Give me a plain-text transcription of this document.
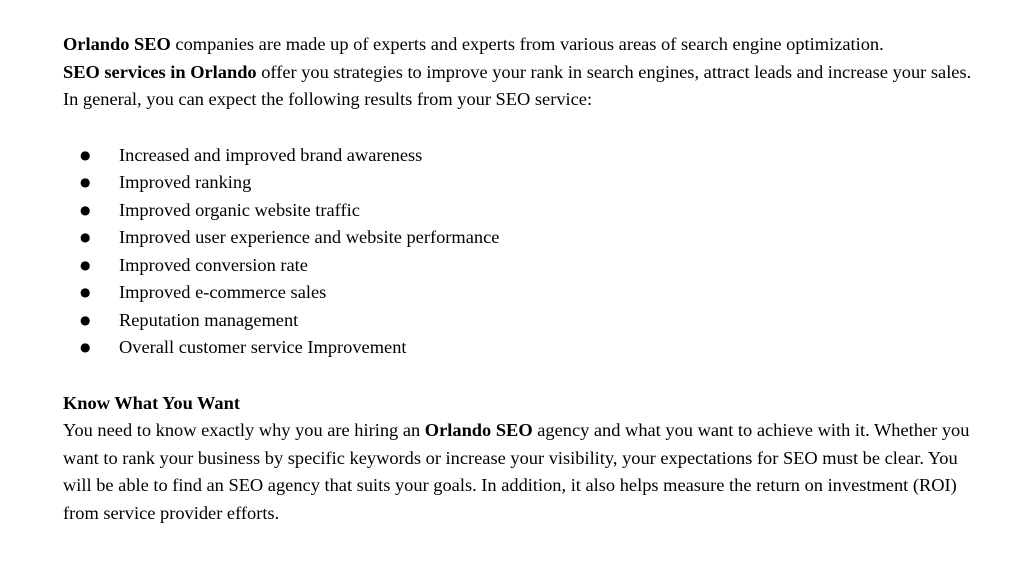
Orlando SEO companies are made up of experts and experts from various areas of search engine optimization.
SEO services in Orlando offer you strategies to improve your rank in search engines, attract leads and increase your sales. In general, you can expect the following results from your SEO service:

● Increased and improved brand awareness
● Improved ranking
● Improved organic website traffic
● Improved user experience and website performance
● Improved conversion rate
● Improved e-commerce sales
● Reputation management
● Overall customer service Improvement
Know What You Want

You need to know exactly why you are hiring an Orlando SEO agency and what you want to achieve with it. Whether you want to rank your business by specific keywords or increase your visibility, your expectations for SEO must be clear. You will be able to find an SEO agency that suits your goals. In addition, it also helps measure the return on investment (ROI) from service provider efforts.
